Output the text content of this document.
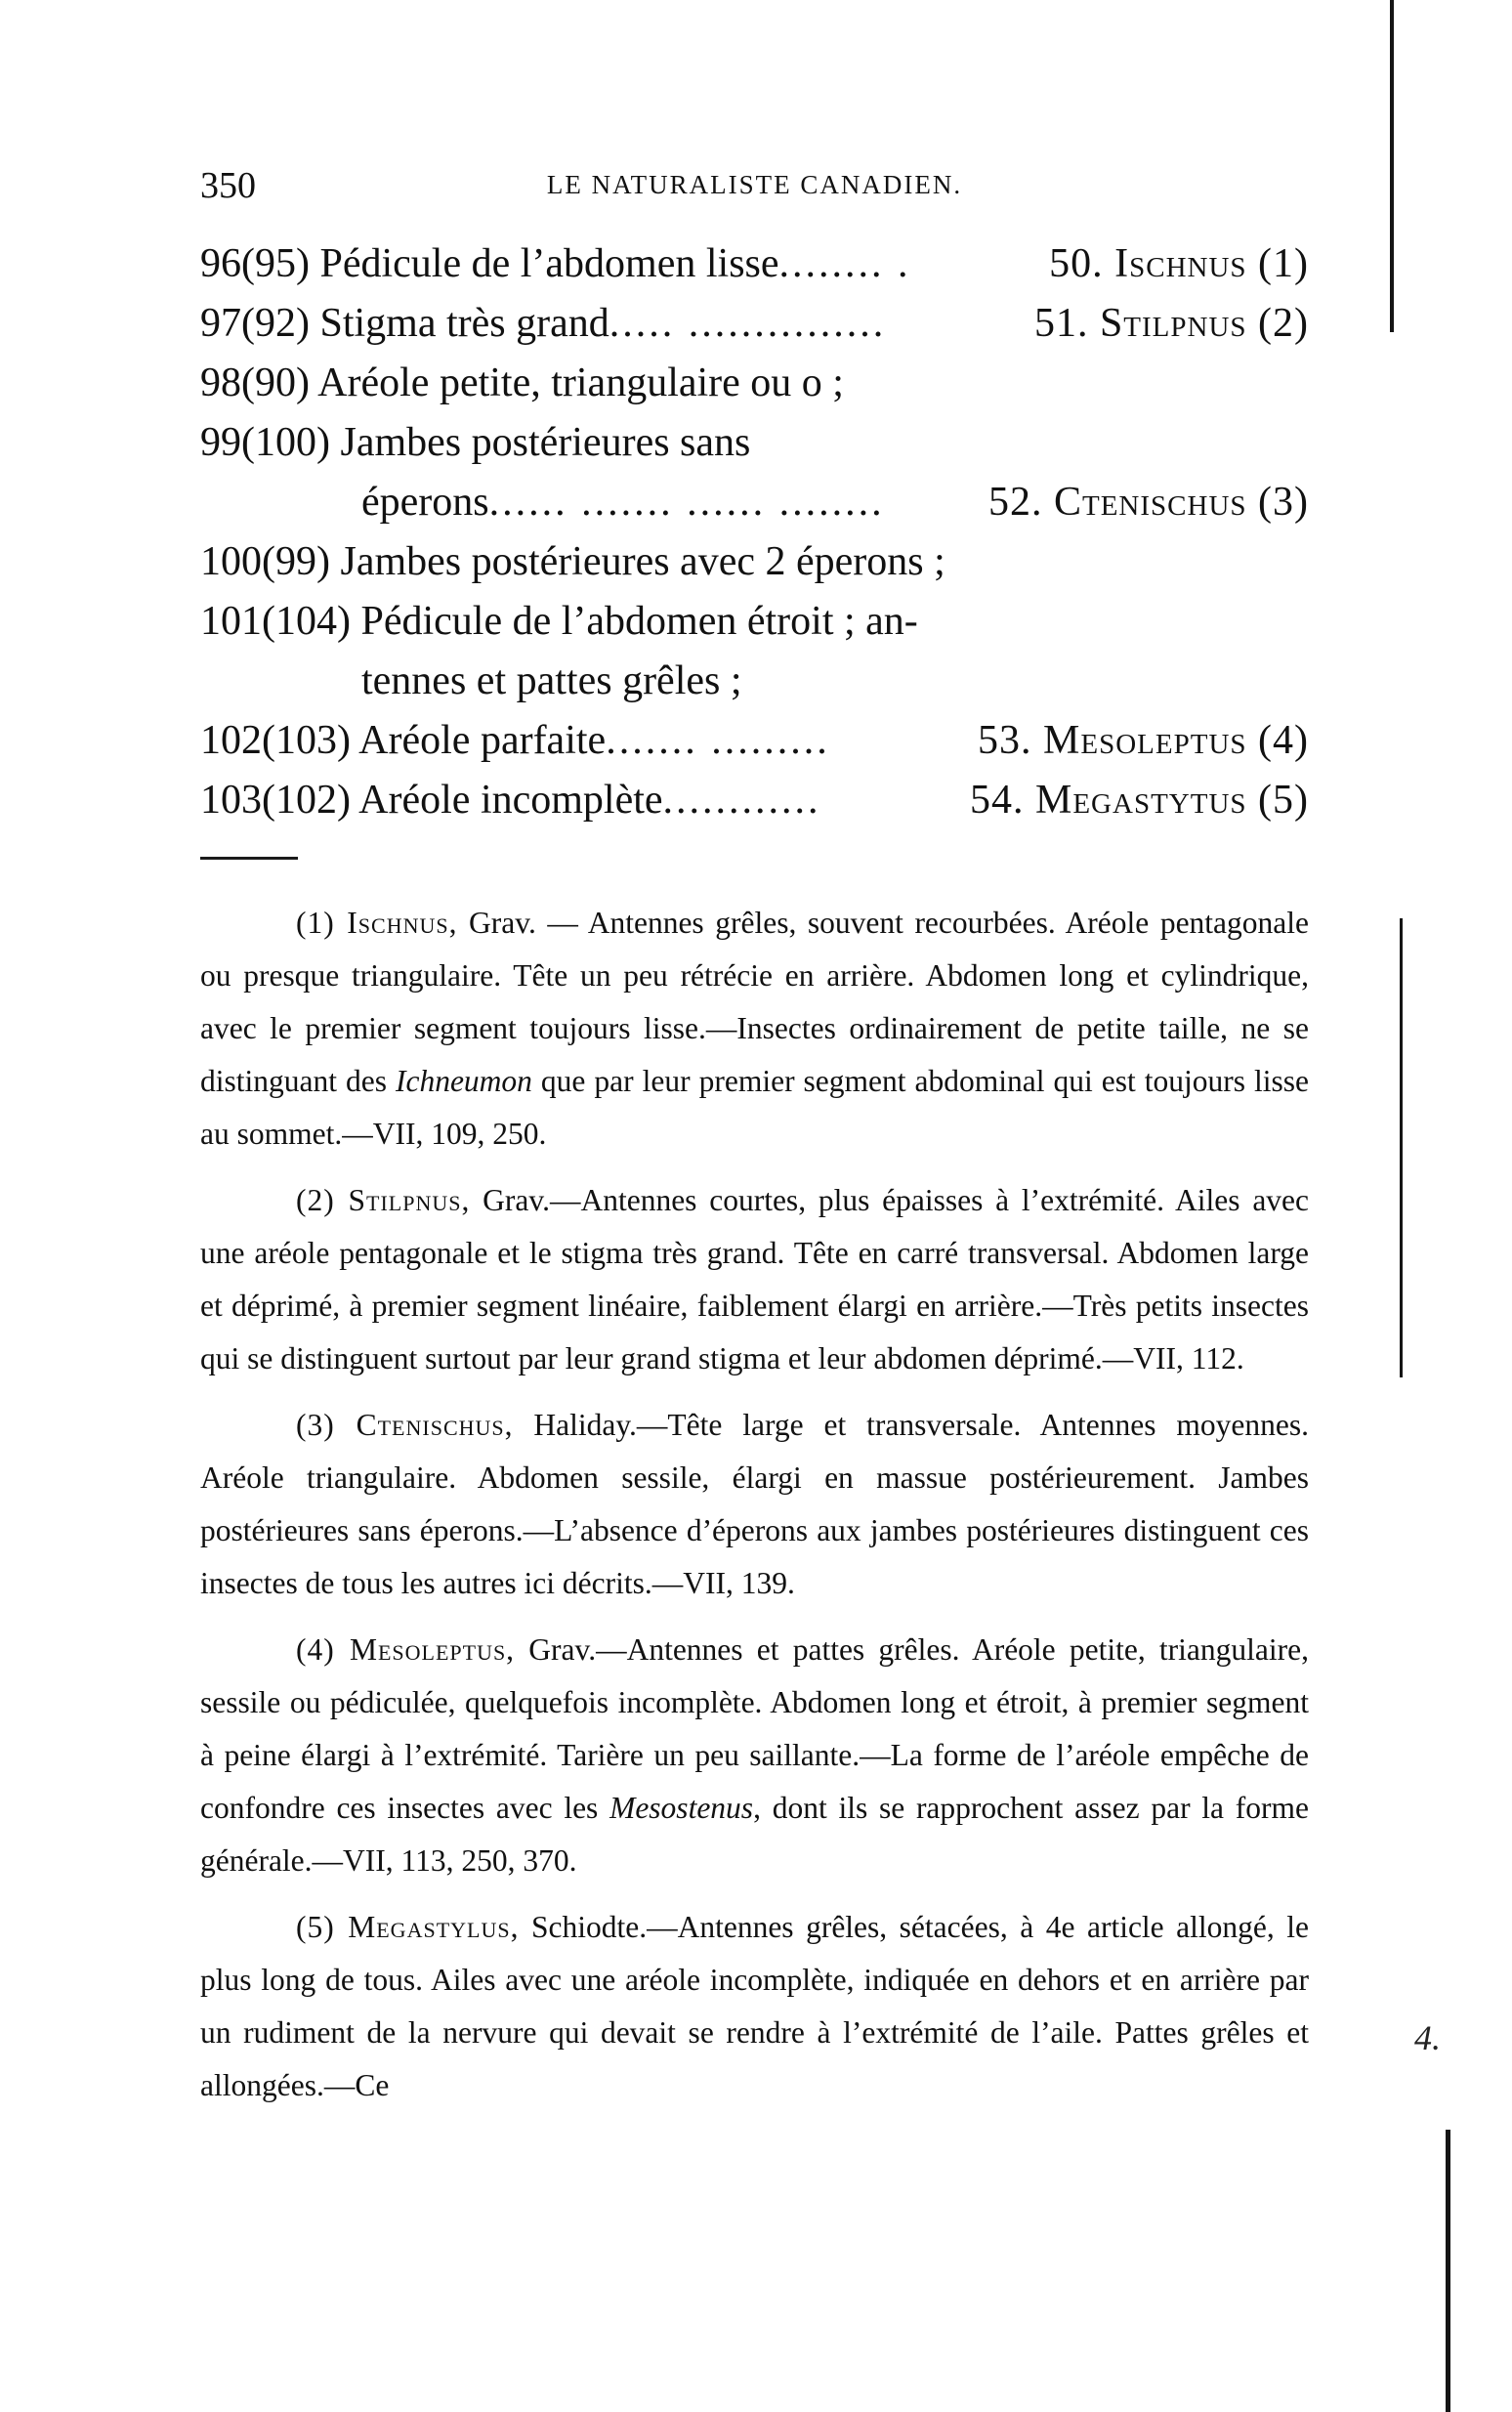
350	LE NATURALISTE CANADIEN.
96(95) Pédicule de l’abdomen lisse........ .	50. Ischnus (1)
97(92) Stigma très grand..... ...............	51. Stilpnus (2)
98(90) Aréole petite, triangulaire ou o ;
99(100) Jambes postérieures sans
éperons...... ....... ...... ........	52. Ctenischus (3)
100(99) Jambes postérieures avec 2 éperons ;
101(104) Pédicule de l’abdomen étroit ; an-
tennes et pattes grêles ;
102(103) Aréole parfaite....... .........	53. Mesoleptus (4)
103(102) Aréole incomplète............	54. Megastytus (5)

(1) Ischnus, Grav. — Antennes grêles, souvent recourbées. Aréole pentagonale ou presque triangulaire. Tête un peu rétrécie en arrière. Abdomen long et cylindrique, avec le premier segment toujours lisse.—Insectes ordinairement de petite taille, ne se distinguant des Ichneumon que par leur premier segment abdominal qui est toujours lisse au sommet.—VII, 109, 250.

(2) Stilpnus, Grav.—Antennes courtes, plus épaisses à l’extrémité. Ailes avec une aréole pentagonale et le stigma très grand. Tête en carré transversal. Abdomen large et déprimé, à premier segment linéaire, faiblement élargi en arrière.—Très petits insectes qui se distinguent surtout par leur grand stigma et leur abdomen déprimé.—VII, 112.

(3) Ctenischus, Haliday.—Tête large et transversale. Antennes moyennes. Aréole triangulaire. Abdomen sessile, élargi en massue postérieurement. Jambes postérieures sans éperons.—L’absence d’éperons aux jambes postérieures distinguent ces insectes de tous les autres ici décrits.—VII, 139.

(4) Mesoleptus, Grav.—Antennes et pattes grêles. Aréole petite, triangulaire, sessile ou pédiculée, quelquefois incomplète. Abdomen long et étroit, à premier segment à peine élargi à l’extrémité. Tarière un peu saillante.—La forme de l’aréole empêche de confondre ces insectes avec les Mesostenus, dont ils se rapprochent assez par la forme générale.—VII, 113, 250, 370.

(5) Megastylus, Schiodte.—Antennes grêles, sétacées, à 4e article allongé, le plus long de tous. Ailes avec une aréole incomplète, indiquée en dehors et en arrière par un rudiment de la nervure qui devait se rendre à l’extrémité de l’aile. Pattes grêles et allongées.—Ce

4.
